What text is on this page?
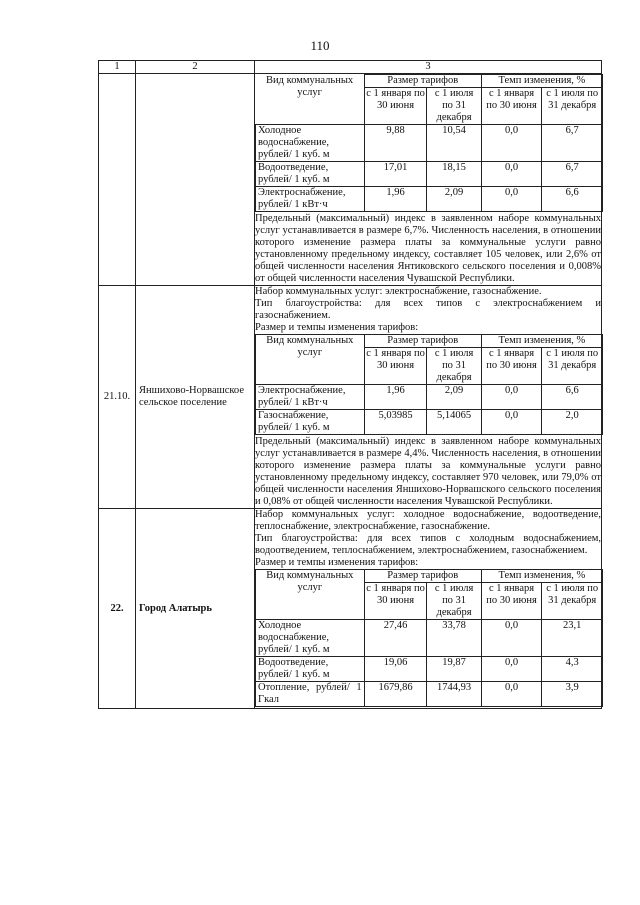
110
1	2	3

Вид коммунальных услуг	Размер тарифов	Темп изменения, %
с 1 января по 30 июня	с 1 июля по 31 декабря	с 1 января по 30 июня	с 1 июля по 31 декабря
Холодное водоснабжение, рублей/ 1 куб. м	9,88	10,54	0,0	6,7
Водоотведение, рублей/ 1 куб. м	17,01	18,15	0,0	6,7
Электроснабжение, рублей/ 1 кВт·ч	1,96	2,09	0,0	6,6
Предельный (максимальный) индекс в заявленном наборе коммунальных услуг устанавливается в размере 6,7%. Численность населения, в отношении которого изменение размера платы за коммунальные услуги равно установленному предельному индексу, составляет 105 человек, или 2,6% от общей численности населения Янтиковского сельского поселения и 0,008% от общей численности населения Чувашской Республики.

21.10.	Яншихово-Норвашское сельское поселение	
Набор коммунальных услуг: электроснабжение, газоснабжение.
Тип благоустройства: для всех типов с электроснабжением и газоснабжением.
Размер и темпы изменения тарифов:
Вид коммунальных услуг	Размер тарифов	Темп изменения, %
с 1 января по 30 июня	с 1 июля по 31 декабря	с 1 января по 30 июня	с 1 июля по 31 декабря
Электроснабжение, рублей/ 1 кВт·ч	1,96	2,09	0,0	6,6
Газоснабжение, рублей/ 1 куб. м	5,03985	5,14065	0,0	2,0
Предельный (максимальный) индекс в заявленном наборе коммунальных услуг устанавливается в размере 4,4%. Численность населения, в отношении которого изменение размера платы за коммунальные услуги равно установленному предельному индексу, составляет 970 человек, или 79,0% от общей численности населения Яншихово-Норвашского сельского поселения и 0,08% от общей численности населения Чувашской Республики.

22.	Город Алатырь	
Набор коммунальных услуг: холодное водоснабжение, водоотведение, теплоснабжение, электроснабжение, газоснабжение.
Тип благоустройства: для всех типов с холодным водоснабжением, водоотведением, теплоснабжением, электроснабжением, газоснабжением.
Размер и темпы изменения тарифов:
Вид коммунальных услуг	Размер тарифов	Темп изменения, %
с 1 января по 30 июня	с 1 июля по 31 декабря	с 1 января по 30 июня	с 1 июля по 31 декабря
Холодное водоснабжение, рублей/ 1 куб. м	27,46	33,78	0,0	23,1
Водоотведение, рублей/ 1 куб. м	19,06	19,87	0,0	4,3
Отопление, рублей/ 1 Гкал	1679,86	1744,93	0,0	3,9
